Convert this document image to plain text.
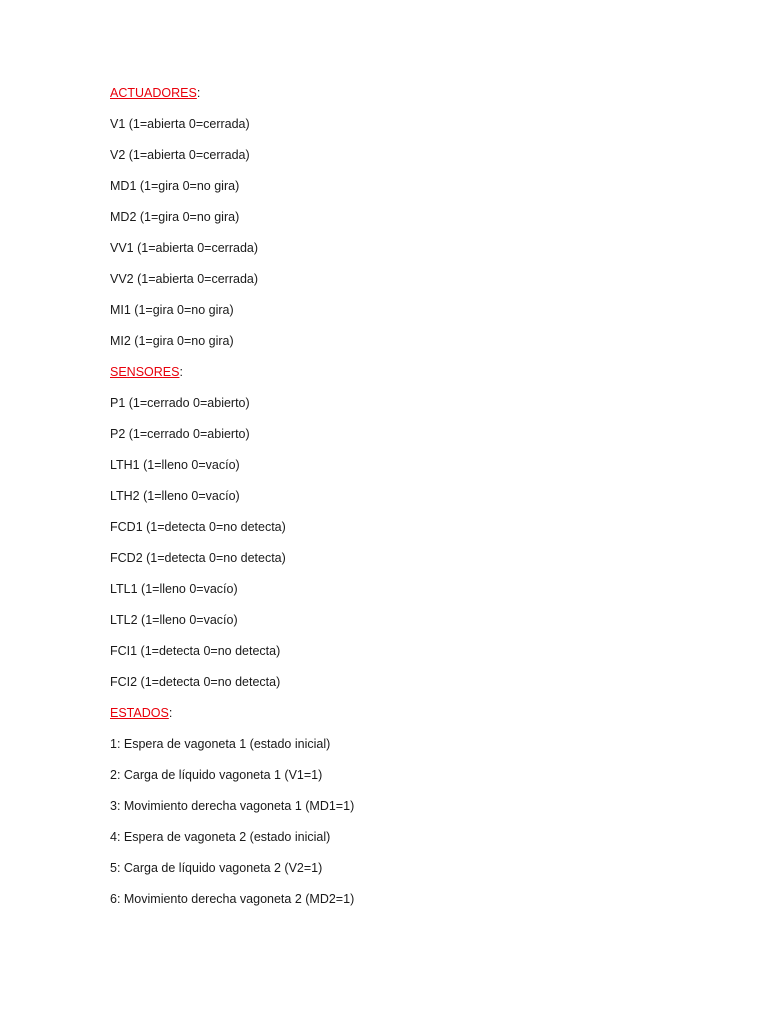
ACTUADORES:
V1 (1=abierta 0=cerrada)
V2 (1=abierta 0=cerrada)
MD1 (1=gira 0=no gira)
MD2 (1=gira 0=no gira)
VV1 (1=abierta 0=cerrada)
VV2 (1=abierta 0=cerrada)
MI1 (1=gira 0=no gira)
MI2 (1=gira 0=no gira)
SENSORES:
P1 (1=cerrado 0=abierto)
P2 (1=cerrado 0=abierto)
LTH1 (1=lleno 0=vacío)
LTH2 (1=lleno 0=vacío)
FCD1 (1=detecta 0=no detecta)
FCD2 (1=detecta 0=no detecta)
LTL1 (1=lleno 0=vacío)
LTL2 (1=lleno 0=vacío)
FCI1 (1=detecta 0=no detecta)
FCI2 (1=detecta 0=no detecta)
ESTADOS:
1: Espera de vagoneta 1 (estado inicial)
2: Carga de líquido vagoneta 1 (V1=1)
3: Movimiento derecha vagoneta 1 (MD1=1)
4: Espera de vagoneta 2 (estado inicial)
5: Carga de líquido vagoneta 2 (V2=1)
6: Movimiento derecha vagoneta 2 (MD2=1)
